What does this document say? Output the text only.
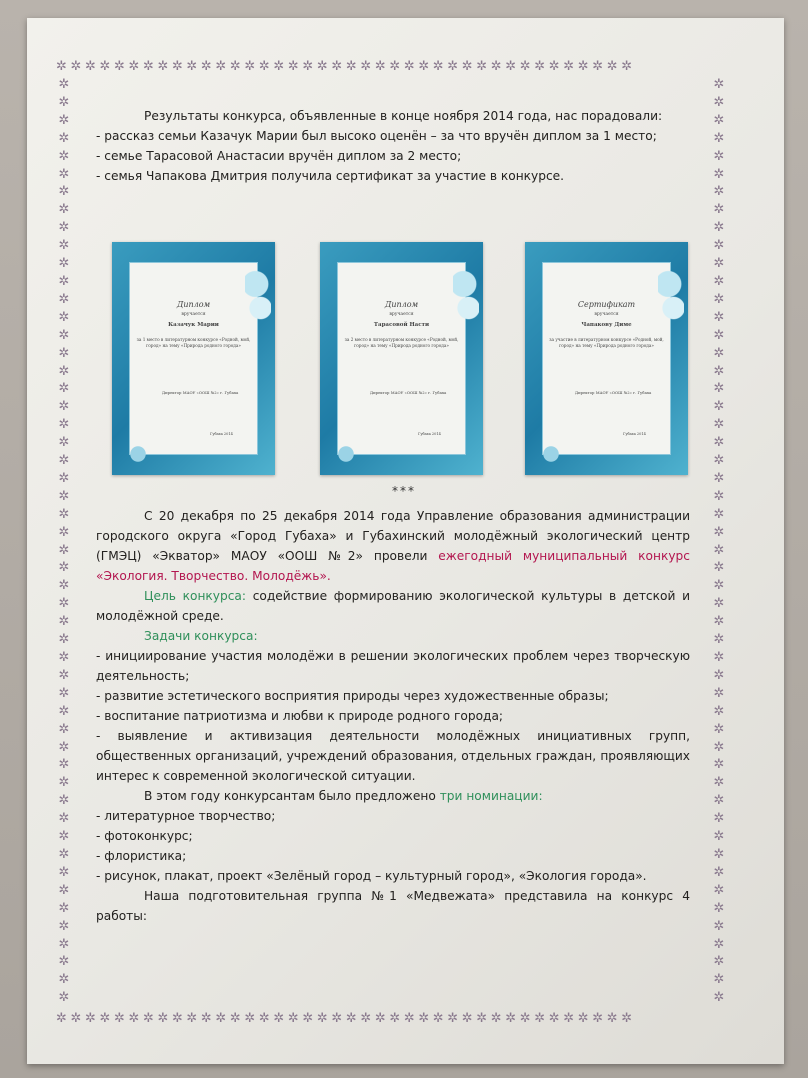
✲✲✲✲✲✲✲✲✲✲✲✲✲✲✲✲✲✲✲✲✲✲✲✲✲✲✲✲✲✲✲✲✲✲✲✲✲✲✲✲
✲✲✲✲✲✲✲✲✲✲✲✲✲✲✲✲✲✲✲✲✲✲✲✲✲✲✲✲✲✲✲✲✲✲✲✲✲✲✲✲
✲
✲
✲
✲
✲
✲
✲
✲
✲
✲
✲
✲
✲
✲
✲
✲
✲
✲
✲
✲
✲
✲
✲
✲
✲
✲
✲
✲
✲
✲
✲
✲
✲
✲
✲
✲
✲
✲
✲
✲
✲
✲
✲
✲
✲
✲
✲
✲
✲
✲
✲
✲
✲
✲
✲
✲
✲
✲
✲
✲
✲
✲
✲
✲
✲
✲
✲
✲
✲
✲
✲
✲
✲
✲
✲
✲
✲
✲
✲
✲
✲
✲
✲
✲
✲
✲
✲
✲
✲
✲
✲
✲
✲
✲
✲
✲
✲
✲
✲
✲
✲
✲
✲
✲

Результаты конкурса, объявленные в конце ноября 2014 года, нас порадовали:

- рассказ семьи Казачук Марии был высоко оценён – за что вручён диплом за 1 место;

- семье Тарасовой Анастасии вручён диплом за 2 место;

- семья Чапакова Дмитрия получила сертификат за участие в конкурсе.

Диплом
вручается
Казачук Марии
за 1 место в литературном конкурсе «Родной, мой, город» на тему «Природа родного города»
Директор МАОУ «ООШ №2» г. Губаха
Губаха 2014
Диплом
вручается
Тарасовой Насти
за 2 место в литературном конкурсе «Родной, мой, город» на тему «Природа родного города»
Директор МАОУ «ООШ №2» г. Губаха
Губаха 2014
Сертификат
вручается
Чапакову Диме
за участие в литературном конкурсе «Родной, мой, город» на тему «Природа родного города»
Директор МАОУ «ООШ №2» г. Губаха
Губаха 2014
***

С 20 декабря по 25 декабря 2014 года Управление образования администрации городского округа «Город Губаха» и Губахинский молодёжный экологический центр (ГМЭЦ) «Экватор» МАОУ «ООШ №2» провели ежегодный муниципальный конкурс «Экология. Творчество. Молодёжь».

Цель конкурса: содействие формированию экологической культуры в детской и молодёжной среде.

Задачи конкурса:

- инициирование участия молодёжи в решении экологических проблем через творческую деятельность;

- развитие эстетического восприятия природы через художественные образы;

- воспитание патриотизма и любви к природе родного города;

- выявление и активизация деятельности молодёжных инициативных групп, общественных организаций, учреждений образования, отдельных граждан, проявляющих интерес к современной экологической ситуации.

В этом году конкурсантам было предложено три номинации:

- литературное творчество;

- фотоконкурс;

- флористика;

- рисунок, плакат, проект «Зелёный город – культурный город», «Экология города».

Наша подготовительная группа №1 «Медвежата» представила на конкурс 4 работы:
